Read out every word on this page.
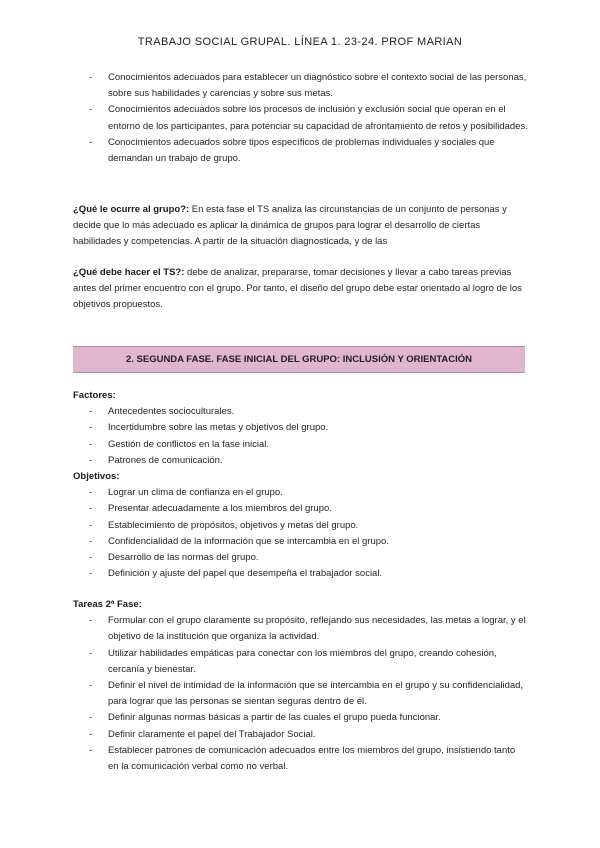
TRABAJO SOCIAL GRUPAL. LÍNEA 1. 23-24. PROF MARIAN
- Conocimientos adecuados para establecer un diagnóstico sobre el contexto social de las personas, sobre sus habilidades y carencias y sobre sus metas.
- Conocimientos adecuados sobre los procesos de inclusión y exclusión social que operan en el entorno de los participantes, para potenciar su capacidad de afrontamiento de retos y posibilidades.
- Conocimientos adecuados sobre tipos específicos de problemas individuales y sociales que demandan un trabajo de grupo.

¿Qué le ocurre al grupo?: En esta fase el TS analiza las circunstancias de un conjunto de personas y decide que lo más adecuado es aplicar la dinámica de grupos para lograr el desarrollo de ciertas habilidades y competencias. A partir de la situación diagnosticada, y de las

¿Qué debe hacer el TS?: debe de analizar, prepararse, tomar decisiones y llevar a cabo tareas previas antes del primer encuentro con el grupo. Por tanto, el diseño del grupo debe estar orientado al logro de los objetivos propuestos.

2. SEGUNDA FASE. FASE INICIAL DEL GRUPO: INCLUSIÓN Y ORIENTACIÓN

Factores:

- Antecedentes socioculturales.
- Incertidumbre sobre las metas y objetivos del grupo.
- Gestión de conflictos en la fase inicial.
- Patrones de comunicación.

Objetivos:

- Lograr un clima de confianza en el grupo.
- Presentar adecuadamente a los miembros del grupo.
- Establecimiento de propósitos, objetivos y metas del grupo.
- Confidencialidad de la información que se intercambia en el grupo.
- Desarrollo de las normas del grupo.
- Definición y ajuste del papel que desempeña el trabajador social.

Tareas 2ª Fase:

- Formular con el grupo claramente su propósito, reflejando sus necesidades, las metas a lograr, y el objetivo de la institución que organiza la actividad.
- Utilizar habilidades empáticas para conectar con los miembros del grupo, creando cohesión, cercanía y bienestar.
- Definir el nivel de intimidad de la información que se intercambia en el grupo y su confidencialidad, para lograr que las personas se sientan seguras dentro de él.
- Definir algunas normas básicas a partir de las cuales el grupo pueda funcionar.
- Definir claramente el papel del Trabajador Social.
- Establecer patrones de comunicación adecuados entre los miembros del grupo, insistiendo tanto en la comunicación verbal como no verbal.
